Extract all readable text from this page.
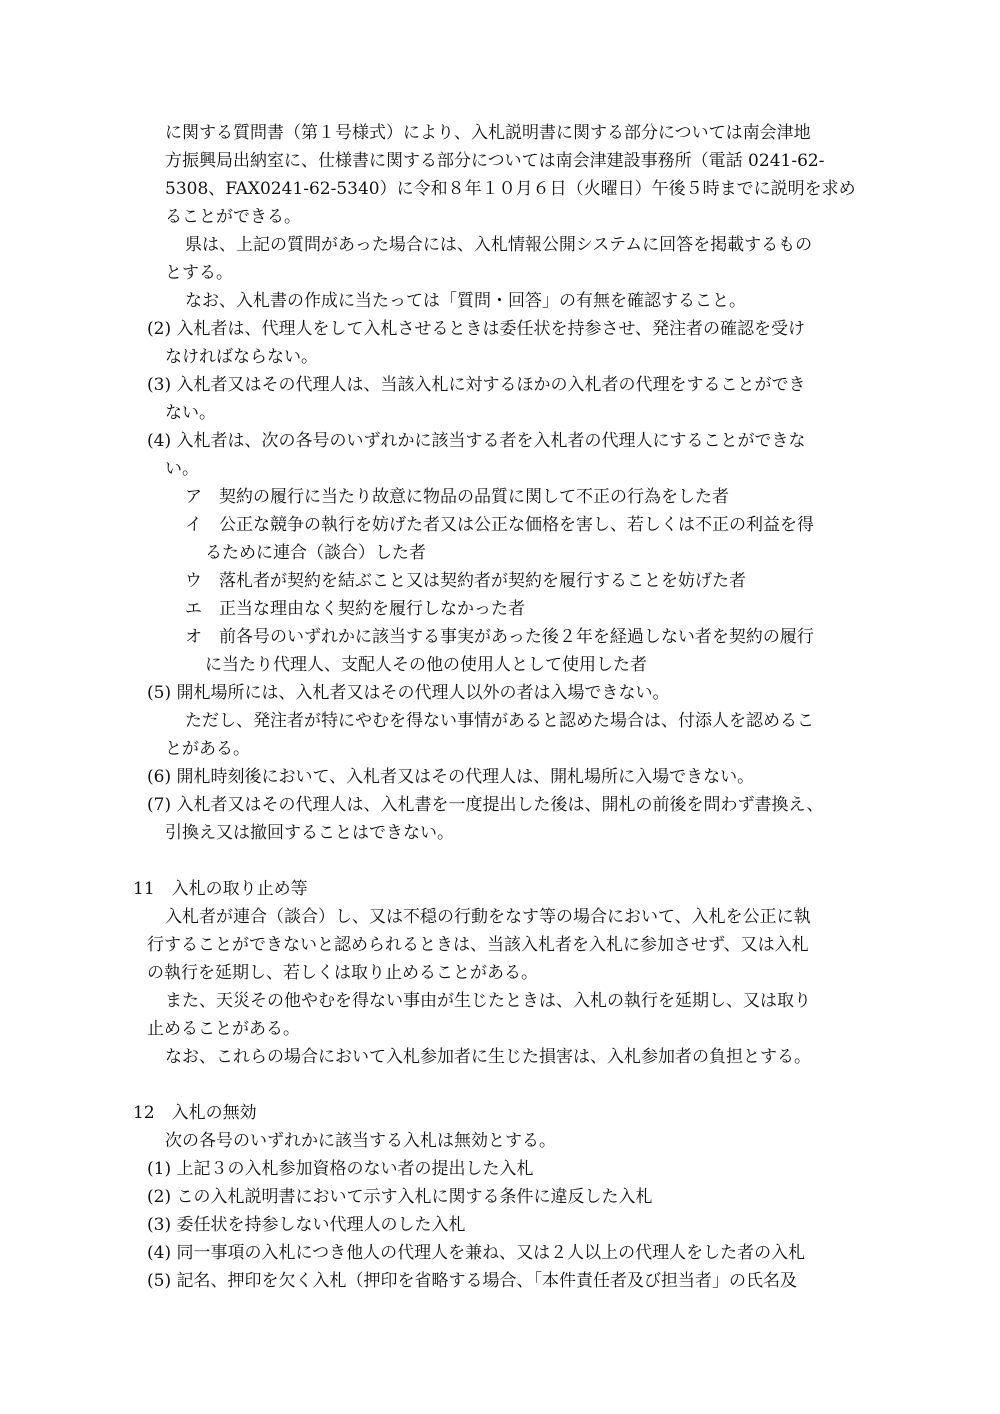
に関する質問書（第１号様式）により、入札説明書に関する部分については南会津地
方振興局出納室に、仕様書に関する部分については南会津建設事務所（電話 0241-62-
5308、FAX0241-62-5340）に令和８年１０月６日（火曜日）午後５時までに説明を求め
ることができる。
県は、上記の質問があった場合には、入札情報公開システムに回答を掲載するもの
とする。
なお、入札書の作成に当たっては「質問・回答」の有無を確認すること。
(2) 入札者は、代理人をして入札させるときは委任状を持参させ、発注者の確認を受け
なければならない。
(3) 入札者又はその代理人は、当該入札に対するほかの入札者の代理をすることができ
ない。
(4) 入札者は、次の各号のいずれかに該当する者を入札者の代理人にすることができな
い。
ア　契約の履行に当たり故意に物品の品質に関して不正の行為をした者
イ　公正な競争の執行を妨げた者又は公正な価格を害し、若しくは不正の利益を得
るために連合（談合）した者
ウ　落札者が契約を結ぶこと又は契約者が契約を履行することを妨げた者
エ　正当な理由なく契約を履行しなかった者
オ　前各号のいずれかに該当する事実があった後２年を経過しない者を契約の履行
に当たり代理人、支配人その他の使用人として使用した者
(5) 開札場所には、入札者又はその代理人以外の者は入場できない。
ただし、発注者が特にやむを得ない事情があると認めた場合は、付添人を認めるこ
とがある。
(6) 開札時刻後において、入札者又はその代理人は、開札場所に入場できない。
(7) 入札者又はその代理人は、入札書を一度提出した後は、開札の前後を問わず書換え、
引換え又は撤回することはできない。
11　入札の取り止め等
入札者が連合（談合）し、又は不穏の行動をなす等の場合において、入札を公正に執
行することができないと認められるときは、当該入札者を入札に参加させず、又は入札
の執行を延期し、若しくは取り止めることがある。
また、天災その他やむを得ない事由が生じたときは、入札の執行を延期し、又は取り
止めることがある。
なお、これらの場合において入札参加者に生じた損害は、入札参加者の負担とする。
12　入札の無効
次の各号のいずれかに該当する入札は無効とする。
(1) 上記３の入札参加資格のない者の提出した入札
(2) この入札説明書において示す入札に関する条件に違反した入札
(3) 委任状を持参しない代理人のした入札
(4) 同一事項の入札につき他人の代理人を兼ね、又は２人以上の代理人をした者の入札
(5) 記名、押印を欠く入札（押印を省略する場合、「本件責任者及び担当者」の氏名及
